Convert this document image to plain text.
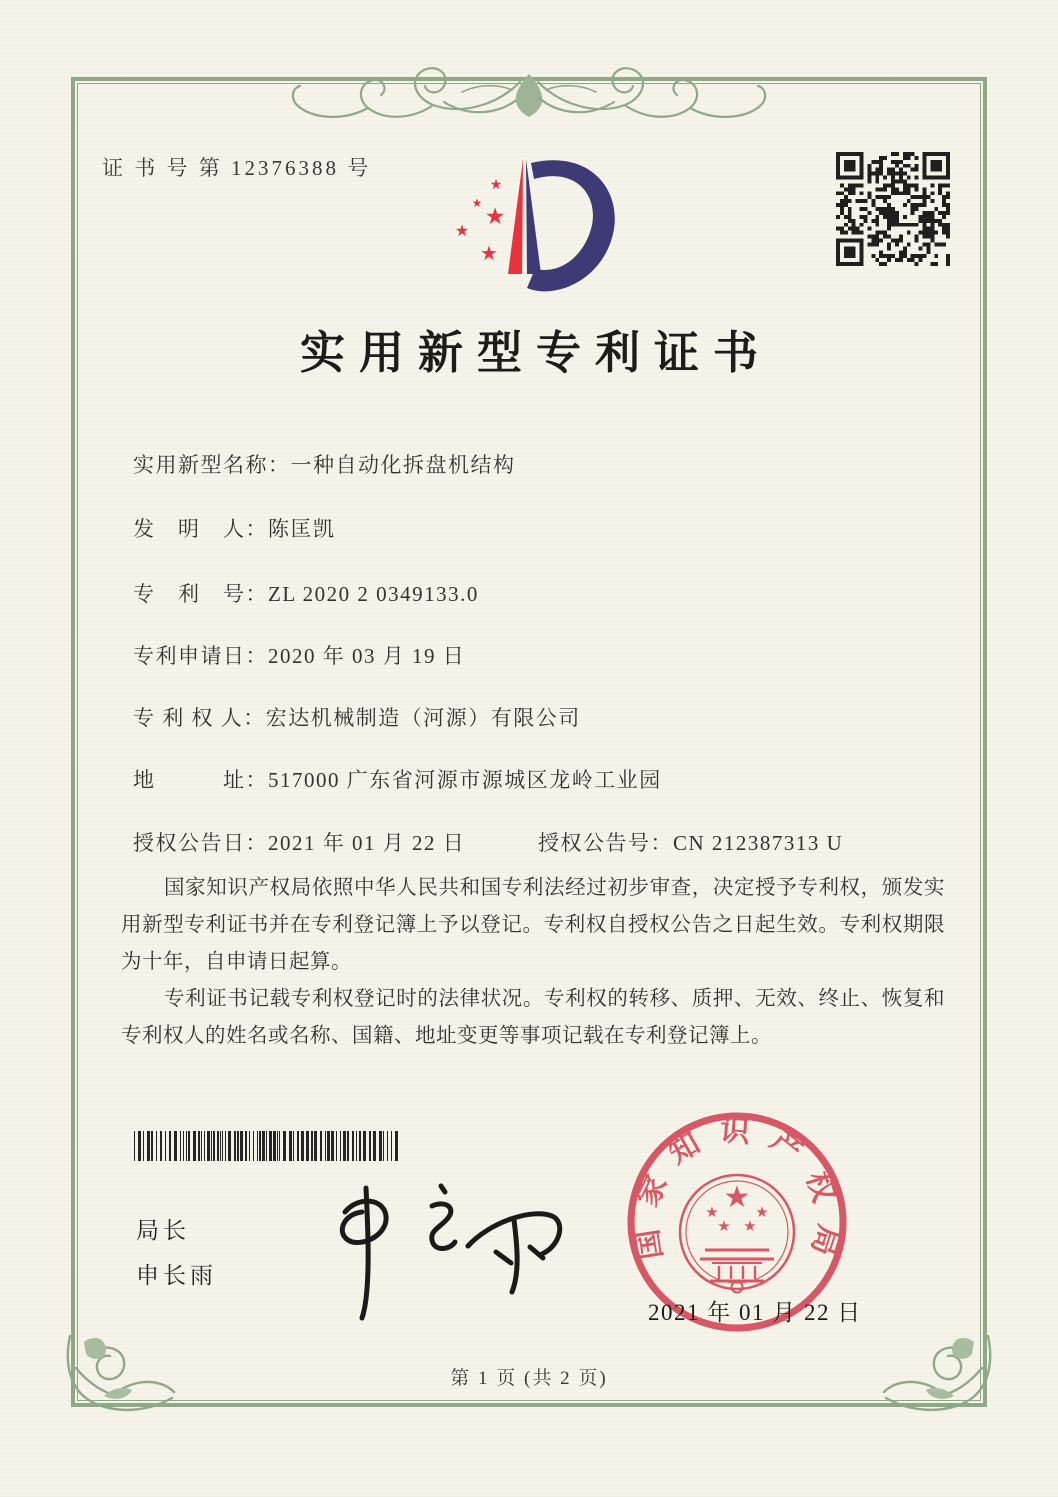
★
★
★
★
★
国家知识产权局
★
★ ★
★ ★
2021 年 01 月 22 日
证 书 号 第 12376388 号
实用新型专利证书
实用新型名称：一种自动化拆盘机结构
发　明　人：陈匡凯
专　利　号：ZL 2020 2 0349133.0
专利申请日：2020 年 03 月 19 日
专 利 权 人：宏达机械制造（河源）有限公司
地　　　址：517000 广东省河源市源城区龙岭工业园
授权公告日：2021 年 01 月 22 日	授权公告号：CN 212387313 U

国家知识产权局依照中华人民共和国专利法经过初步审查，决定授予专利权，颁发实用新型专利证书并在专利登记簿上予以登记。专利权自授权公告之日起生效。专利权期限为十年，自申请日起算。

专利证书记载专利权登记时的法律状况。专利权的转移、质押、无效、终止、恢复和专利权人的姓名或名称、国籍、地址变更等事项记载在专利登记簿上。

局长
申长雨
第 1 页 (共 2 页)
